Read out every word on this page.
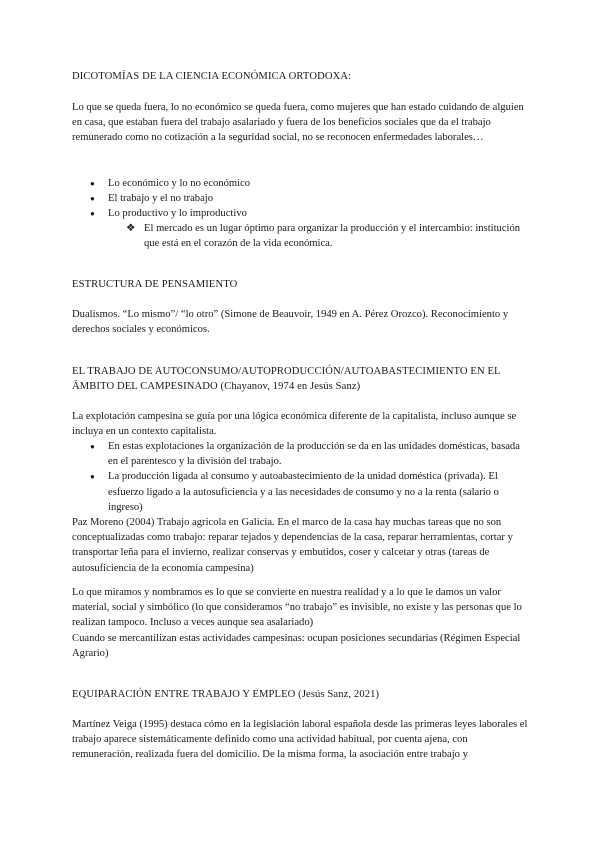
DICOTOMÍAS DE LA CIENCIA ECONÓMICA ORTODOXA:

Lo que se queda fuera, lo no económico se queda fuera, como mujeres que han estado cuidando de alguien en casa, que estaban fuera del trabajo asalariado y fuera de los beneficios sociales que da el trabajo remunerado como no cotización a la seguridad social, no se reconocen enfermedades laborales…

● Lo económico y lo no económico
● El trabajo y el no trabajo
● Lo productivo y lo improductivo
❖ El mercado es un lugar óptimo para organizar la producción y el intercambio: institución que está en el corazón de la vida económica.

ESTRUCTURA DE PENSAMIENTO

Dualismos. “Lo mismo”/ “lo otro” (Simone de Beauvoir, 1949 en A. Pérez Orozco). Reconocimiento y derechos sociales y económicos.

EL TRABAJO DE AUTOCONSUMO/AUTOPRODUCCIÓN/AUTOABASTECIMIENTO EN EL ÁMBITO DEL CAMPESINADO (Chayanov, 1974 en Jesús Sanz)

La explotación campesina se guía por una lógica económica diferente de la capitalista, incluso aunque se incluya en un contexto capitalista.

● En estas explotaciones la organización de la producción se da en las unidades domésticas, basada en el parentesco y la división del trabajo.
● La producción ligada al consumo y autoabastecimiento de la unidad doméstica (privada). El esfuerzo ligado a la autosuficiencia y a las necesidades de consumo y no a la renta (salario o ingreso)

Paz Moreno (2004) Trabajo agrícola en Galicia. En el marco de la casa hay muchas tareas que no son conceptualizadas como trabajo: reparar tejados y dependencias de la casa, reparar herramientas, cortar y transportar leña para el invierno, realizar conservas y embutidos, coser y calcetar y otras (tareas de autosuficiencia de la economía campesina)

Lo que miramos y nombramos es lo que se convierte en nuestra realidad y a lo que le damos un valor material, social y simbólico (lo que consideramos “no trabajo” es invisible, no existe y las personas que lo realizan tampoco. Incluso a veces aunque sea asalariado)

Cuando se mercantilizan estas actividades campesinas: ocupan posiciones secundarias (Régimen Especial Agrario)

EQUIPARACIÓN ENTRE TRABAJO Y EMPLEO (Jesús Sanz, 2021)

Martínez Veiga (1995) destaca cómo en la legislación laboral española desde las primeras leyes laborales el trabajo aparece sistemáticamente definido como una actividad habitual, por cuenta ajena, con remuneración, realizada fuera del domicilio. De la misma forma, la asociación entre trabajo y
